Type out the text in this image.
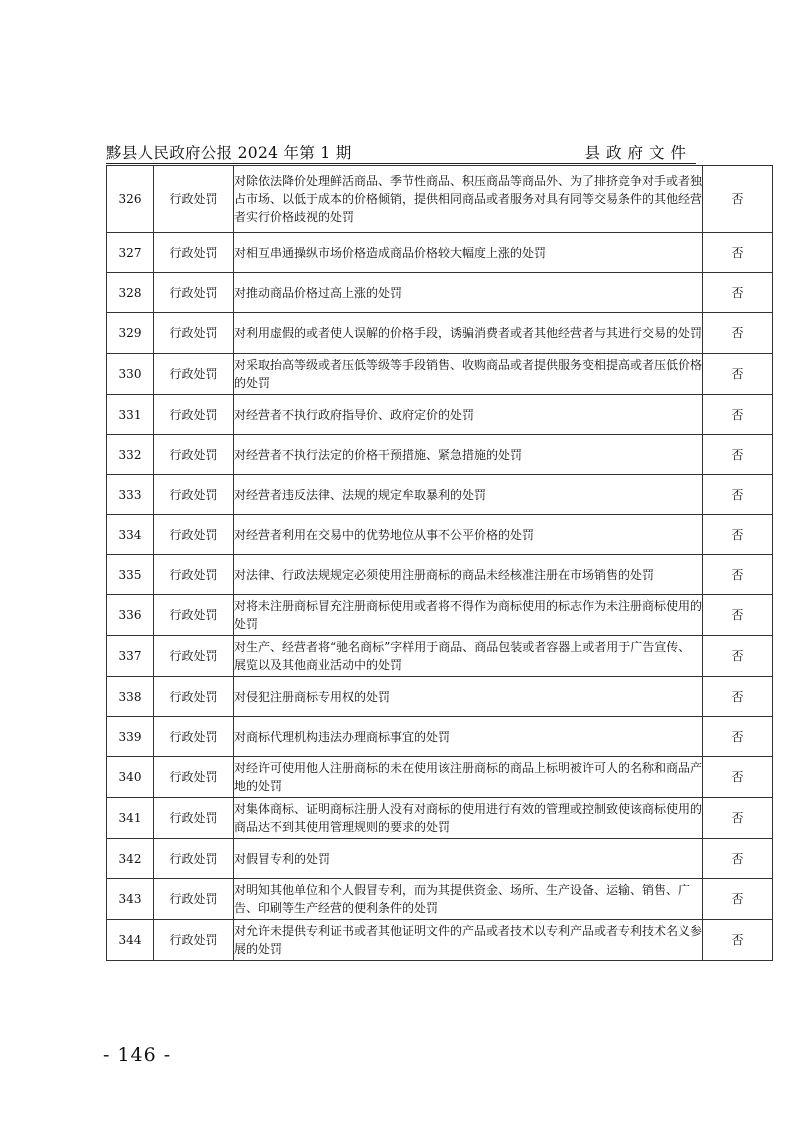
黟县人民政府公报 2024 年第 1 期	县政府文件
326	行政处罚	对除依法降价处理鲜活商品、季节性商品、积压商品等商品外、为了排挤竞争对手或者独占市场、以低于成本的价格倾销，提供相同商品或者服务对具有同等交易条件的其他经营者实行价格歧视的处罚	否
327	行政处罚	对相互串通操纵市场价格造成商品价格较大幅度上涨的处罚	否
328	行政处罚	对推动商品价格过高上涨的处罚	否
329	行政处罚	对利用虚假的或者使人误解的价格手段，诱骗消费者或者其他经营者与其进行交易的处罚	否
330	行政处罚	对采取抬高等级或者压低等级等手段销售、收购商品或者提供服务变相提高或者压低价格的处罚	否
331	行政处罚	对经营者不执行政府指导价、政府定价的处罚	否
332	行政处罚	对经营者不执行法定的价格干预措施、紧急措施的处罚	否
333	行政处罚	对经营者违反法律、法规的规定牟取暴利的处罚	否
334	行政处罚	对经营者利用在交易中的优势地位从事不公平价格的处罚	否
335	行政处罚	对法律、行政法规规定必须使用注册商标的商品未经核准注册在市场销售的处罚	否
336	行政处罚	对将未注册商标冒充注册商标使用或者将不得作为商标使用的标志作为未注册商标使用的处罚	否
337	行政处罚	对生产、经营者将“驰名商标”字样用于商品、商品包装或者容器上或者用于广告宣传、展览以及其他商业活动中的处罚	否
338	行政处罚	对侵犯注册商标专用权的处罚	否
339	行政处罚	对商标代理机构违法办理商标事宜的处罚	否
340	行政处罚	对经许可使用他人注册商标的未在使用该注册商标的商品上标明被许可人的名称和商品产地的处罚	否
341	行政处罚	对集体商标、证明商标注册人没有对商标的使用进行有效的管理或控制致使该商标使用的商品达不到其使用管理规则的要求的处罚	否
342	行政处罚	对假冒专利的处罚	否
343	行政处罚	对明知其他单位和个人假冒专利，而为其提供资金、场所、生产设备、运输、销售、广告、印刷等生产经营的便利条件的处罚	否
344	行政处罚	对允许未提供专利证书或者其他证明文件的产品或者技术以专利产品或者专利技术名义参展的处罚	否
- 146 -
